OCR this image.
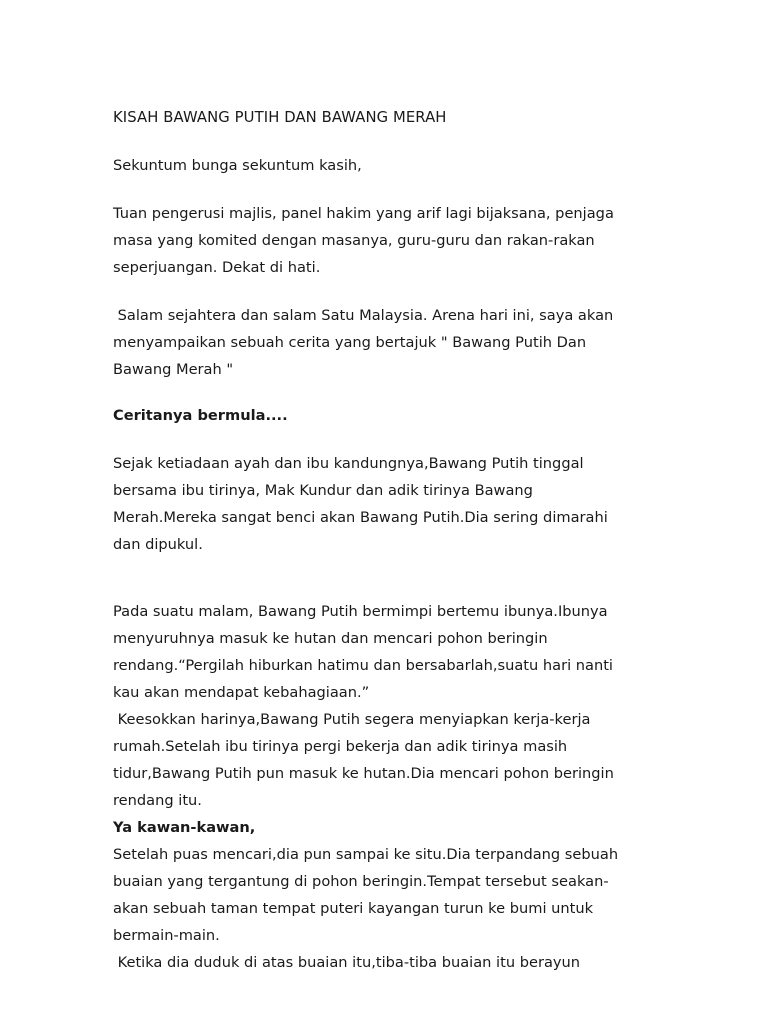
KISAH BAWANG PUTIH DAN BAWANG MERAH
Sekuntum bunga sekuntum kasih,
Tuan pengerusi majlis, panel hakim yang arif lagi bijaksana, penjaga
masa yang komited dengan masanya, guru-guru dan rakan-rakan
seperjuangan. Dekat di hati.
Salam sejahtera dan salam Satu Malaysia. Arena hari ini, saya akan
menyampaikan sebuah cerita yang bertajuk " Bawang Putih Dan
Bawang Merah "
Ceritanya bermula....
Sejak ketiadaan ayah dan ibu kandungnya,Bawang Putih tinggal
bersama ibu tirinya, Mak Kundur dan adik tirinya Bawang
Merah.Mereka sangat benci akan Bawang Putih.Dia sering dimarahi
dan dipukul.
Pada suatu malam, Bawang Putih bermimpi bertemu ibunya.Ibunya
menyuruhnya masuk ke hutan dan mencari pohon beringin
rendang.“Pergilah hiburkan hatimu dan bersabarlah,suatu hari nanti
kau akan mendapat kebahagiaan.”
Keesokkan harinya,Bawang Putih segera menyiapkan kerja-kerja
rumah.Setelah ibu tirinya pergi bekerja dan adik tirinya masih
tidur,Bawang Putih pun masuk ke hutan.Dia mencari pohon beringin
rendang itu.
Ya kawan-kawan,
Setelah puas mencari,dia pun sampai ke situ.Dia terpandang sebuah
buaian yang tergantung di pohon beringin.Tempat tersebut seakan-
akan sebuah taman tempat puteri kayangan turun ke bumi untuk
bermain-main.
Ketika dia duduk di atas buaian itu,tiba-tiba buaian itu berayun
